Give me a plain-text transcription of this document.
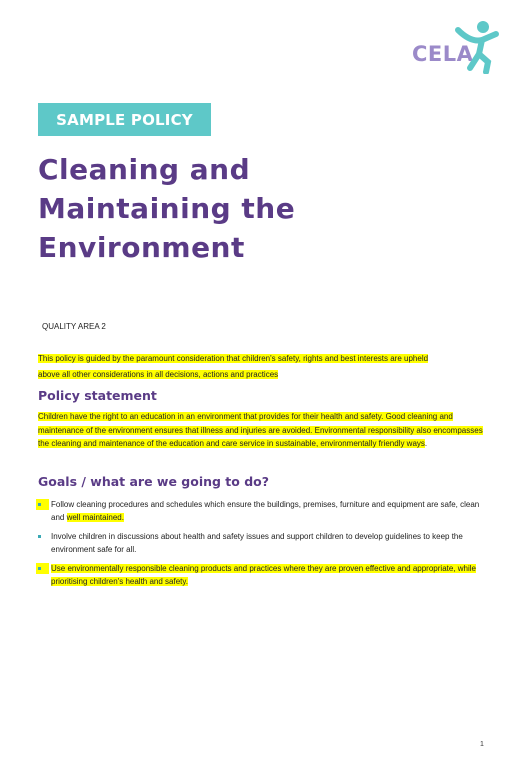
CELA
SAMPLE POLICY
Cleaning and
Maintaining the
Environment
QUALITY AREA 2

This policy is guided by the paramount consideration that children's safety, rights and best interests are upheld
above all other considerations in all decisions, actions and practices

Policy statement

Children have the right to an education in an environment that provides for their health and safety. Good cleaning and maintenance of the environment ensures that illness and injuries are avoided. Environmental responsibility also encompasses the cleaning and maintenance of the education and care service in sustainable, environmentally friendly ways.

Goals / what are we going to do?
Follow cleaning procedures and schedules which ensure the buildings, premises, furniture and equipment are safe, clean and well maintained.
Involve children in discussions about health and safety issues and support children to develop guidelines to keep the environment safe for all.
Use environmentally responsible cleaning products and practices where they are proven effective and appropriate, while prioritising children's health and safety.
1
